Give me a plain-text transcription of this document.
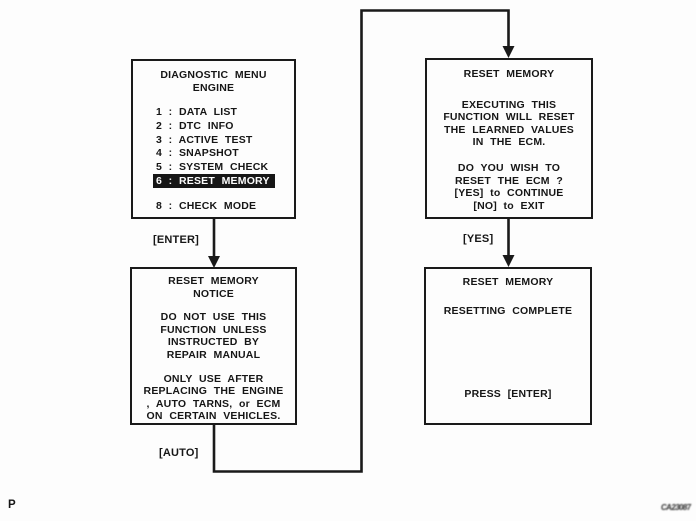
DIAGNOSTIC MENU
ENGINE
1 : DATA LIST
2 : DTC INFO
3 : ACTIVE TEST
4 : SNAPSHOT
5 : SYSTEM CHECK
6 : RESET MEMORY
8 : CHECK MODE
RESET MEMORY
EXECUTING THIS
FUNCTION WILL RESET
THE LEARNED VALUES
IN THE ECM.
DO YOU WISH TO
RESET THE ECM ?
[YES] to CONTINUE
[NO] to EXIT
RESET MEMORY
NOTICE
DO NOT USE THIS
FUNCTION UNLESS
INSTRUCTED BY
REPAIR MANUAL
ONLY USE AFTER
REPLACING THE ENGINE
, AUTO TARNS, or ECM
ON CERTAIN VEHICLES.
RESET MEMORY
RESETTING COMPLETE
PRESS [ENTER]
[ENTER]	[YES]
[AUTO]
P	CA23087
